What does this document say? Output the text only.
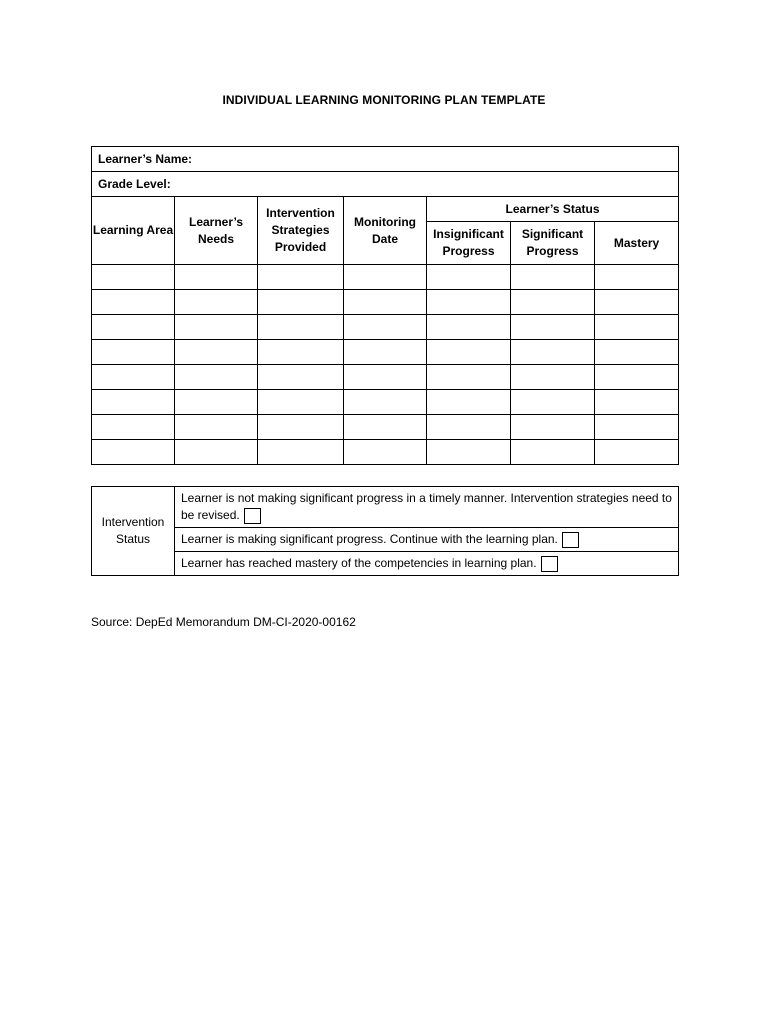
INDIVIDUAL LEARNING MONITORING PLAN TEMPLATE
Learner’s Name:						
Grade Level:						
Learning Area	Learner’s Needs	Intervention Strategies Provided	Monitoring Date	Learner’s Status		
				Insignificant Progress	Significant Progress	Mastery

Intervention Status	Learner is not making significant progress in a timely manner. Intervention strategies need to be revised.
Learner is making significant progress. Continue with the learning plan.
Learner has reached mastery of the competencies in learning plan.
Source: DepEd Memorandum DM-CI-2020-00162
